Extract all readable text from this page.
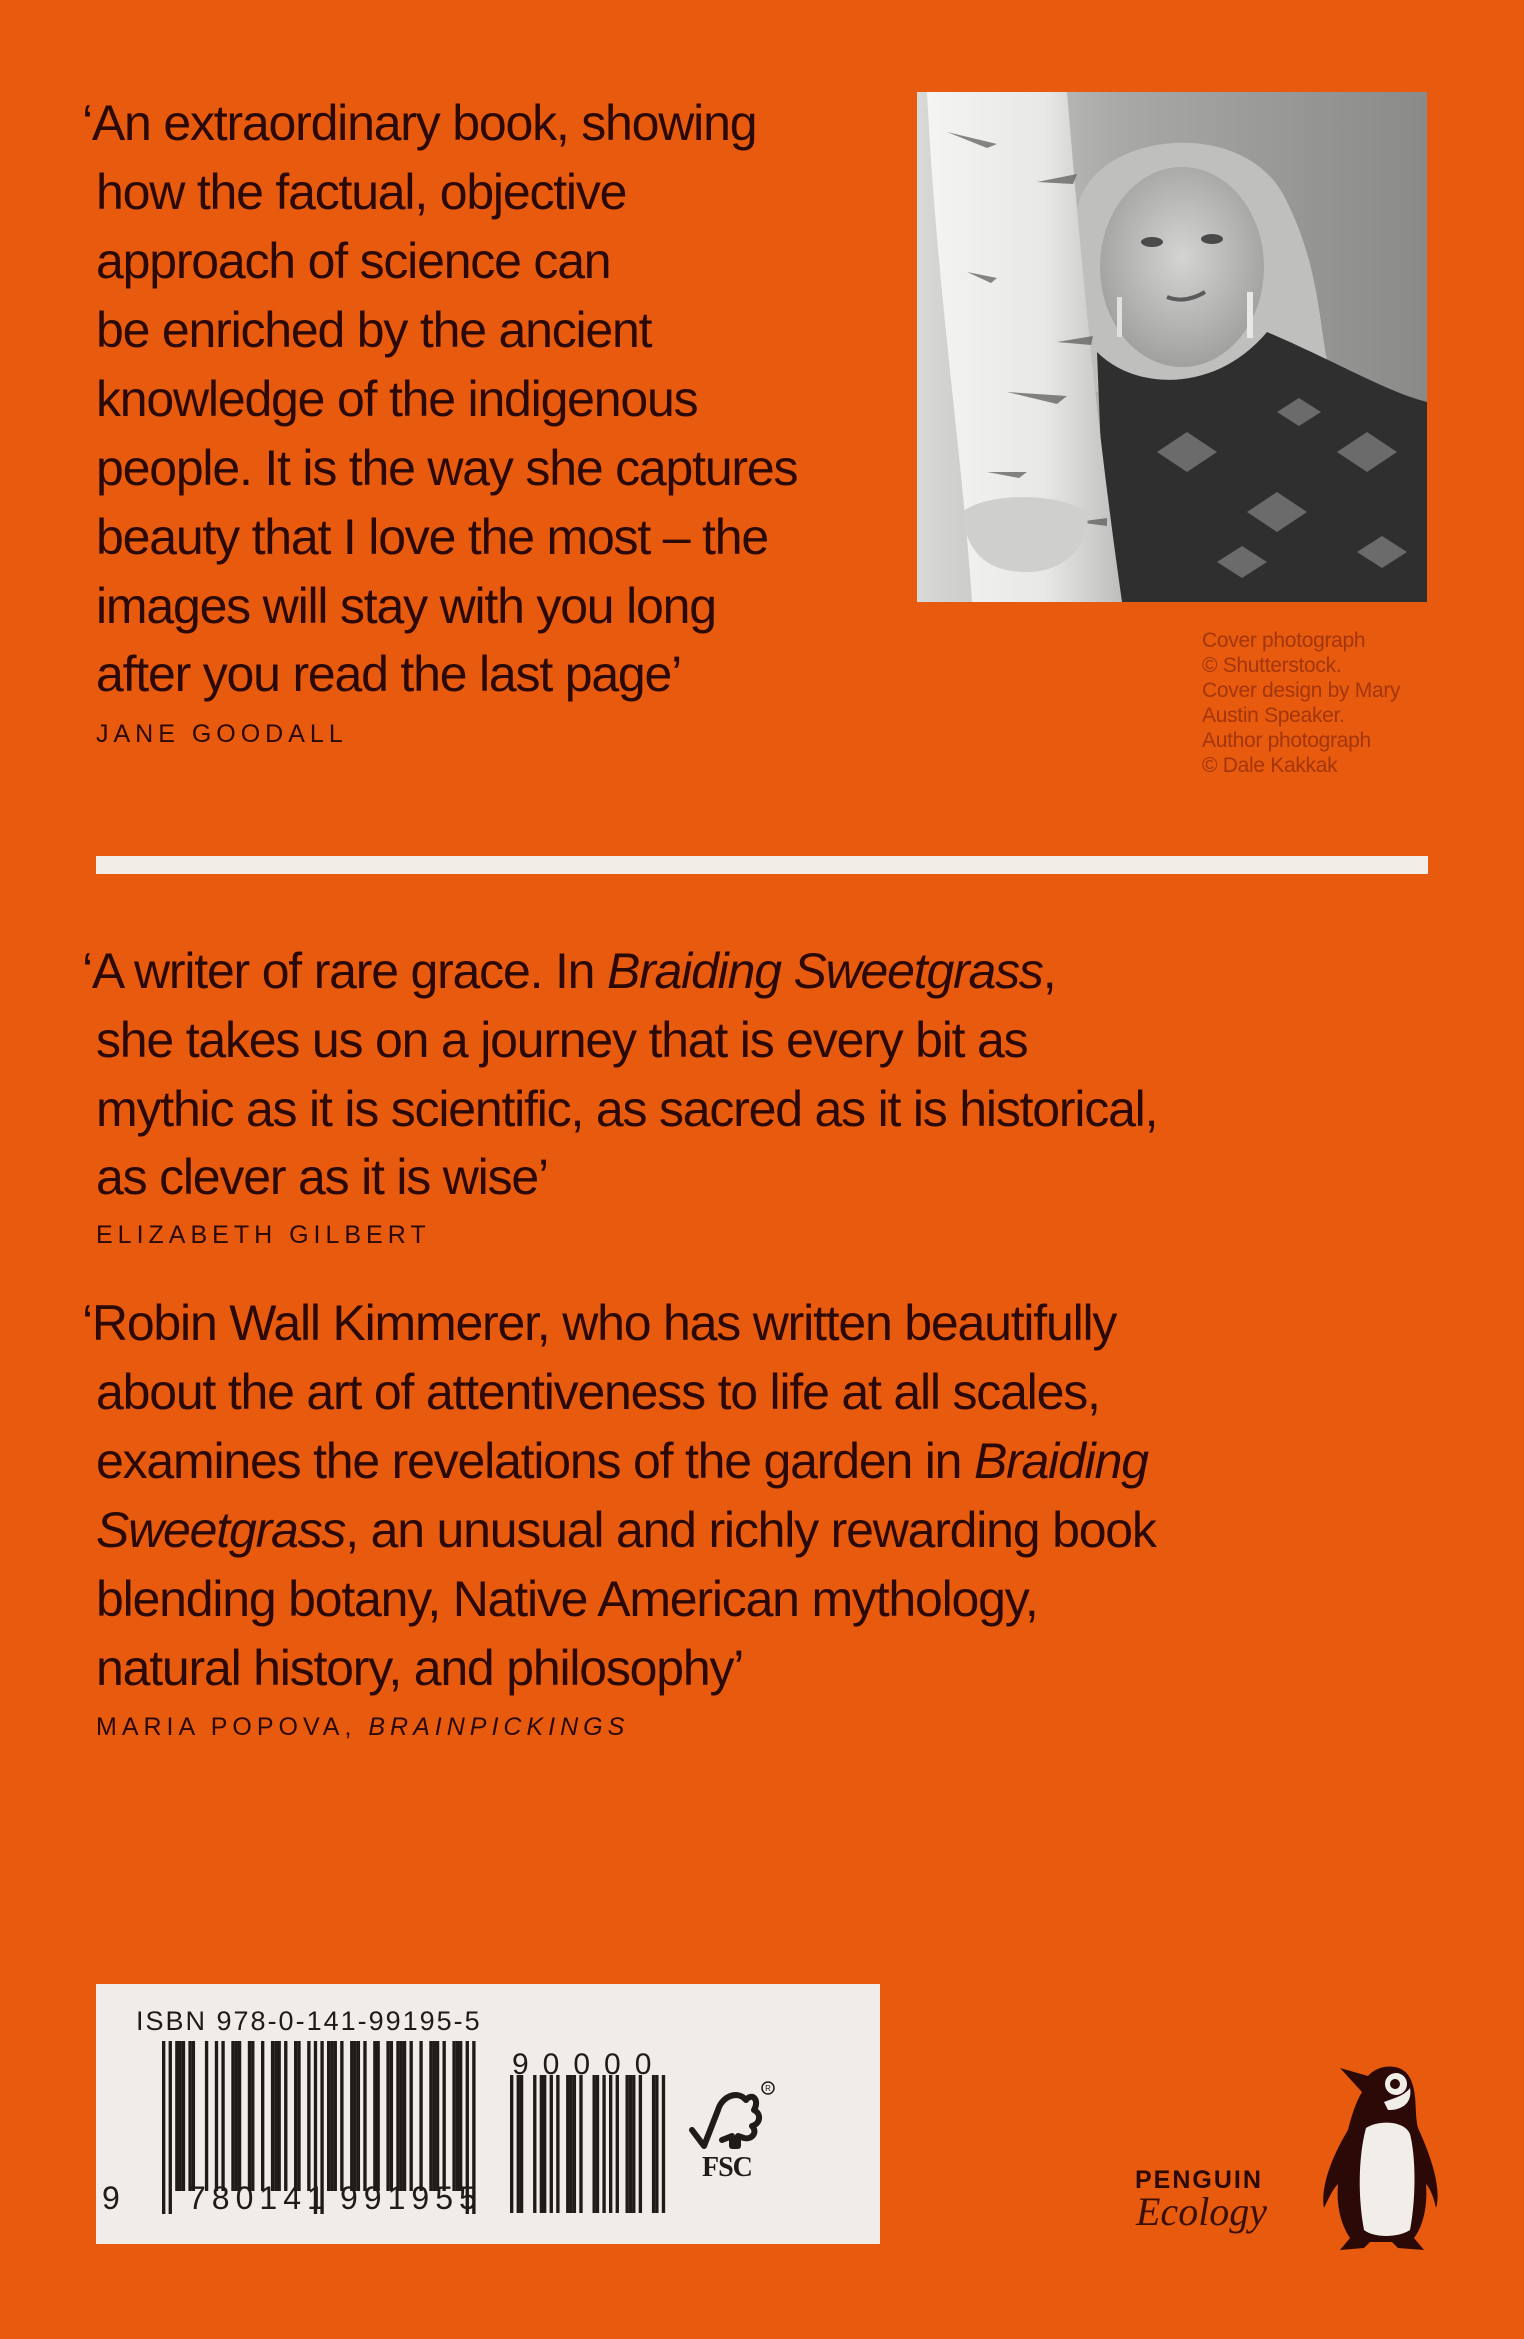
‘An extraordinary book, showing
how the factual, objective
approach of science can
be enriched by the ancient
knowledge of the indigenous
people. It is the way she captures
beauty that I love the most – the
images will stay with you long
after you read the last page’
JANE GOODALL
Cover photograph
© Shutterstock.
Cover design by Mary
Austin Speaker.
Author photograph
© Dale Kakkak
‘A writer of rare grace. In Braiding Sweetgrass,
she takes us on a journey that is every bit as
mythic as it is scientific, as sacred as it is historical,
as clever as it is wise’
ELIZABETH GILBERT
‘Robin Wall Kimmerer, who has written beautifully
about the art of attentiveness to life at all scales,
examines the revelations of the garden in Braiding
Sweetgrass, an unusual and richly rewarding book
blending botany, Native American mythology,
natural history, and philosophy’
MARIA POPOVA, BRAINPICKINGS
ISBN 978-0-141-99195-5
9 780141 991955
90000
R
FSC	PENGUIN
Ecology
